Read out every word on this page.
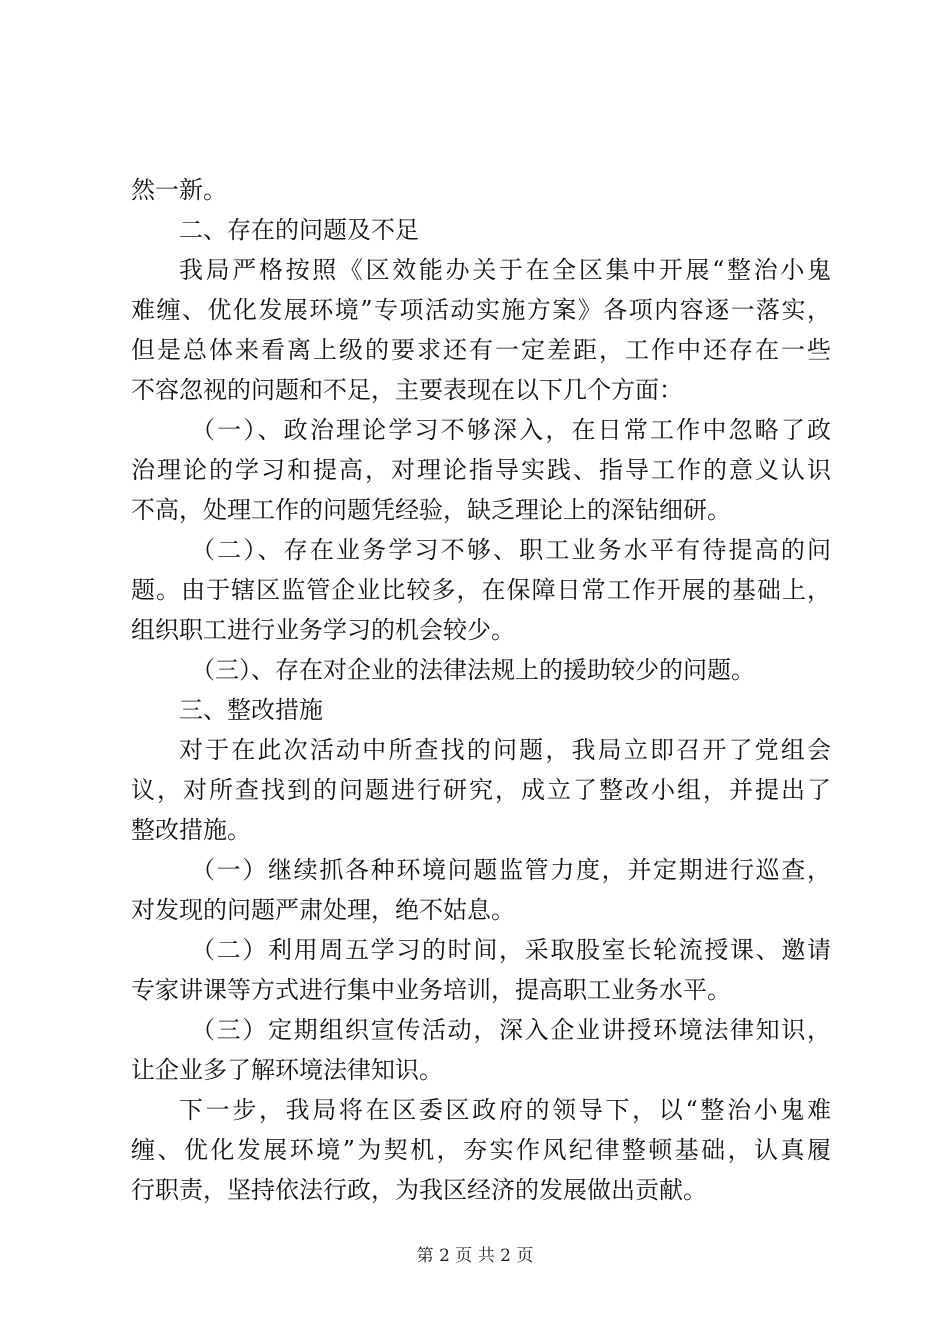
然一新。
二、存在的问题及不足
我局严格按照《区效能办关于在全区集中开展“整治小鬼
难缠、优化发展环境”专项活动实施方案》各项内容逐一落实，
但是总体来看离上级的要求还有一定差距，工作中还存在一些
不容忽视的问题和不足，主要表现在以下几个方面：
（一）、政治理论学习不够深入，在日常工作中忽略了政
治理论的学习和提高，对理论指导实践、指导工作的意义认识
不高，处理工作的问题凭经验，缺乏理论上的深钻细研。
（二）、存在业务学习不够、职工业务水平有待提高的问
题。由于辖区监管企业比较多，在保障日常工作开展的基础上，
组织职工进行业务学习的机会较少。
（三）、存在对企业的法律法规上的援助较少的问题。
三、整改措施
对于在此次活动中所查找的问题，我局立即召开了党组会
议，对所查找到的问题进行研究，成立了整改小组，并提出了
整改措施。
（一）继续抓各种环境问题监管力度，并定期进行巡查，
对发现的问题严肃处理，绝不姑息。
（二）利用周五学习的时间，采取股室长轮流授课、邀请
专家讲课等方式进行集中业务培训，提高职工业务水平。
（三）定期组织宣传活动，深入企业讲授环境法律知识，
让企业多了解环境法律知识。
下一步，我局将在区委区政府的领导下，以“整治小鬼难
缠、优化发展环境”为契机，夯实作风纪律整顿基础，认真履
行职责，坚持依法行政，为我区经济的发展做出贡献。
第 2 页 共 2 页
